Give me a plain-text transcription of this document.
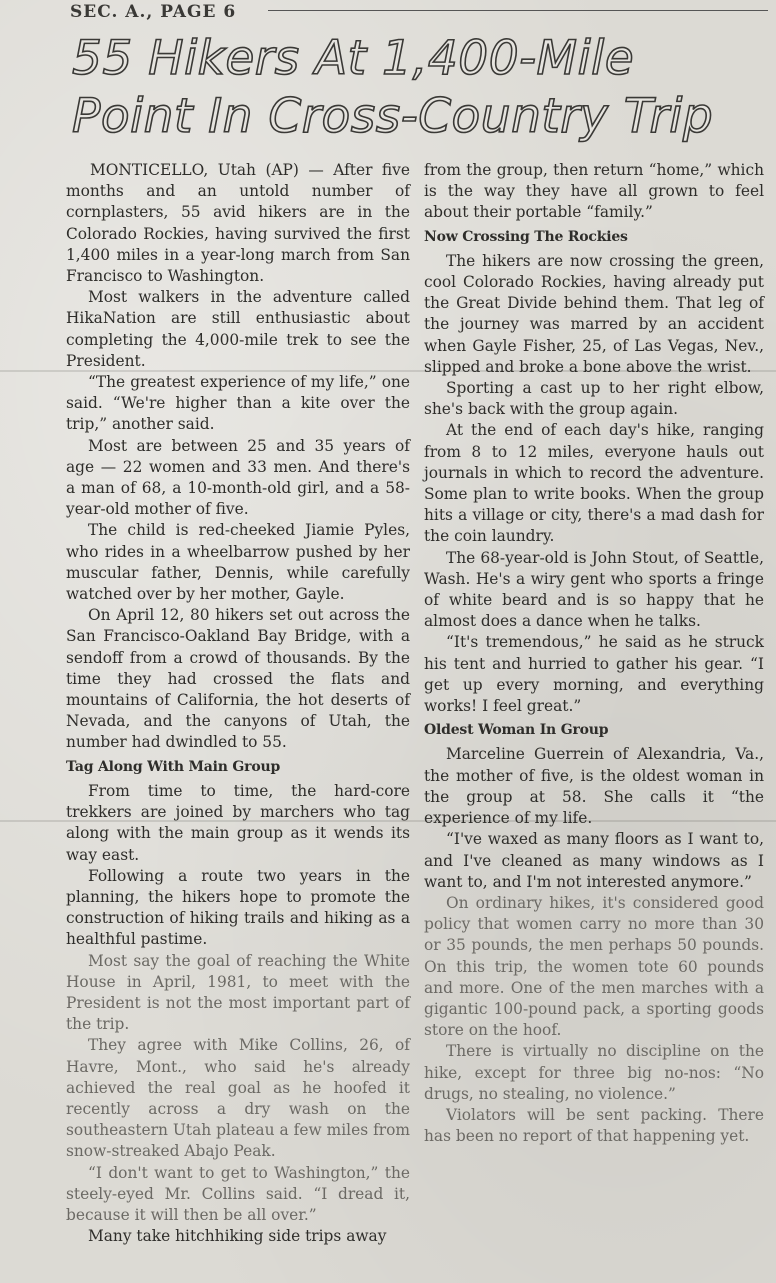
SEC. A., PAGE 6
55 Hikers At 1,400-Mile
Point In Cross-Country Trip

MONTICELLO, Utah (AP) — After five months and an untold number of cornplasters, 55 avid hikers are in the Colorado Rockies, having survived the first 1,400 miles in a year-long march from San Francisco to Washington.

Most walkers in the adventure called HikaNation are still enthusiastic about completing the 4,000-mile trek to see the President.

“The greatest experience of my life,” one said. “We're higher than a kite over the trip,” another said.

Most are between 25 and 35 years of age — 22 women and 33 men. And there's a man of 68, a 10-month-old girl, and a 58-year-old mother of five.

The child is red-cheeked Jiamie Pyles, who rides in a wheelbarrow pushed by her muscular father, Dennis, while carefully watched over by her mother, Gayle.

On April 12, 80 hikers set out across the San Francisco-Oakland Bay Bridge, with a sendoff from a crowd of thousands. By the time they had crossed the flats and mountains of California, the hot deserts of Nevada, and the canyons of Utah, the number had dwindled to 55.

Tag Along With Main Group

From time to time, the hard-core trekkers are joined by marchers who tag along with the main group as it wends its way east.

Following a route two years in the planning, the hikers hope to promote the construction of hiking trails and hiking as a healthful pastime.

Most say the goal of reaching the White House in April, 1981, to meet with the President is not the most important part of the trip.

They agree with Mike Collins, 26, of Havre, Mont., who said he's already achieved the real goal as he hoofed it recently across a dry wash on the southeastern Utah plateau a few miles from snow-streaked Abajo Peak.

“I don't want to get to Washington,” the steely-eyed Mr. Collins said. “I dread it, because it will then be all over.”

Many take hitchhiking side trips away

from the group, then return “home,” which is the way they have all grown to feel about their portable “family.”

Now Crossing The Rockies

The hikers are now crossing the green, cool Colorado Rockies, having already put the Great Divide behind them. That leg of the journey was marred by an accident when Gayle Fisher, 25, of Las Vegas, Nev., slipped and broke a bone above the wrist.

Sporting a cast up to her right elbow, she's back with the group again.

At the end of each day's hike, ranging from 8 to 12 miles, everyone hauls out journals in which to record the adventure. Some plan to write books. When the group hits a village or city, there's a mad dash for the coin laundry.

The 68-year-old is John Stout, of Seattle, Wash. He's a wiry gent who sports a fringe of white beard and is so happy that he almost does a dance when he talks.

“It's tremendous,” he said as he struck his tent and hurried to gather his gear. “I get up every morning, and everything works! I feel great.”

Oldest Woman In Group

Marceline Guerrein of Alexandria, Va., the mother of five, is the oldest woman in the group at 58. She calls it “the experience of my life.

“I've waxed as many floors as I want to, and I've cleaned as many windows as I want to, and I'm not interested anymore.”

On ordinary hikes, it's considered good policy that women carry no more than 30 or 35 pounds, the men perhaps 50 pounds. On this trip, the women tote 60 pounds and more. One of the men marches with a gigantic 100-pound pack, a sporting goods store on the hoof.

There is virtually no discipline on the hike, except for three big no-nos: “No drugs, no stealing, no violence.”

Violators will be sent packing. There has been no report of that happening yet.
